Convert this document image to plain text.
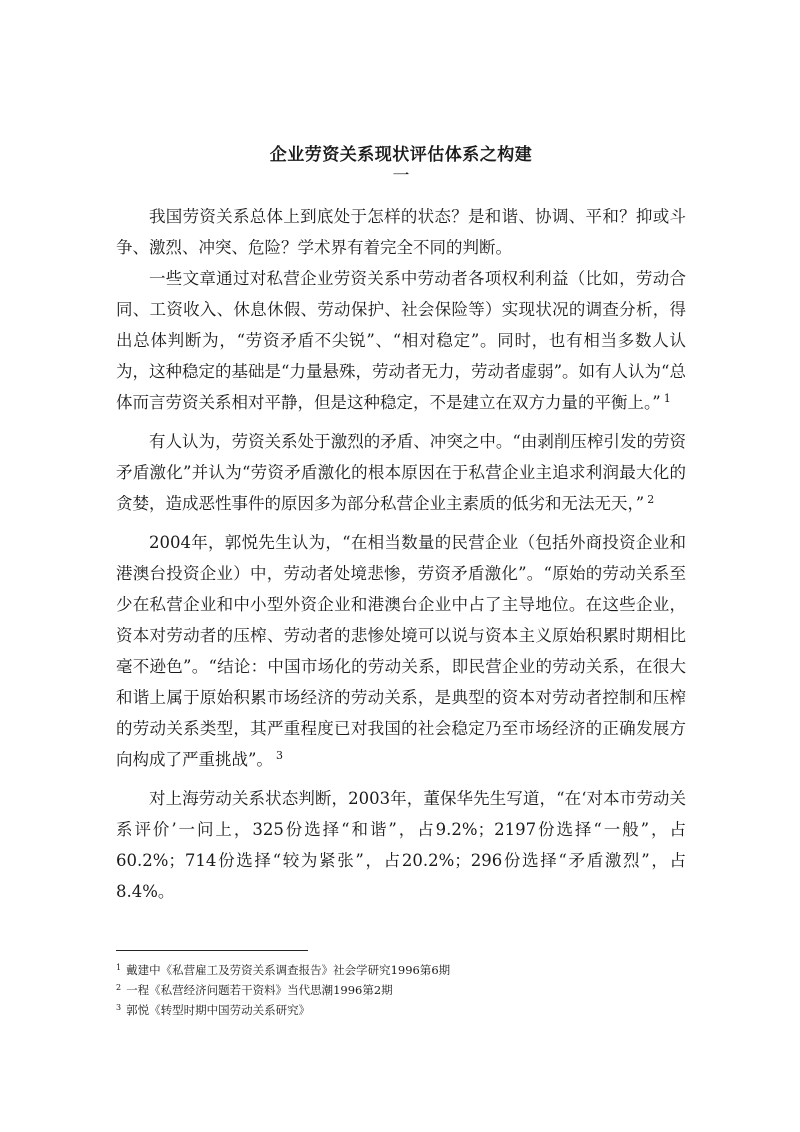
企业劳资关系现状评估体系之构建
一

我国劳资关系总体上到底处于怎样的状态？是和谐、协调、平和？抑或斗争、激烈、冲突、危险？学术界有着完全不同的判断。

一些文章通过对私营企业劳资关系中劳动者各项权利利益（比如，劳动合同、工资收入、休息休假、劳动保护、社会保险等）实现状况的调查分析，得出总体判断为，“劳资矛盾不尖锐”、“相对稳定”。同时，也有相当多数人认为，这种稳定的基础是“力量悬殊，劳动者无力，劳动者虚弱”。如有人认为“总体而言劳资关系相对平静，但是这种稳定，不是建立在双方力量的平衡上。” $^1$

有人认为，劳资关系处于激烈的矛盾、冲突之中。“由剥削压榨引发的劳资矛盾激化”并认为“劳资矛盾激化的根本原因在于私营企业主追求利润最大化的贪婪，造成恶性事件的原因多为部分私营企业主素质的低劣和无法无天，” $^2$

2004年，郭悦先生认为，“在相当数量的民营企业（包括外商投资企业和港澳台投资企业）中，劳动者处境悲惨，劳资矛盾激化”。“原始的劳动关系至少在私营企业和中小型外资企业和港澳台企业中占了主导地位。在这些企业，资本对劳动者的压榨、劳动者的悲惨处境可以说与资本主义原始积累时期相比毫不逊色”。“结论：中国市场化的劳动关系，即民营企业的劳动关系，在很大和谐上属于原始积累市场经济的劳动关系，是典型的资本对劳动者控制和压榨的劳动关系类型，其严重程度已对我国的社会稳定乃至市场经济的正确发展方向构成了严重挑战”。 $^3$

对上海劳动关系状态判断，2003年，董保华先生写道，“在‘对本市劳动关系评价’一问上，325份选择“和谐”，占9.2%；2197份选择“一般”，占60.2%；714份选择“较为紧张”，占20.2%；296份选择“矛盾激烈”，占8.4%。

$^1$ 戴建中《私营雇工及劳资关系调查报告》社会学研究1996第6期
$^2$ 一程《私营经济问题若干资料》当代思潮1996第2期
$^3$ 郭悦《转型时期中国劳动关系研究》
